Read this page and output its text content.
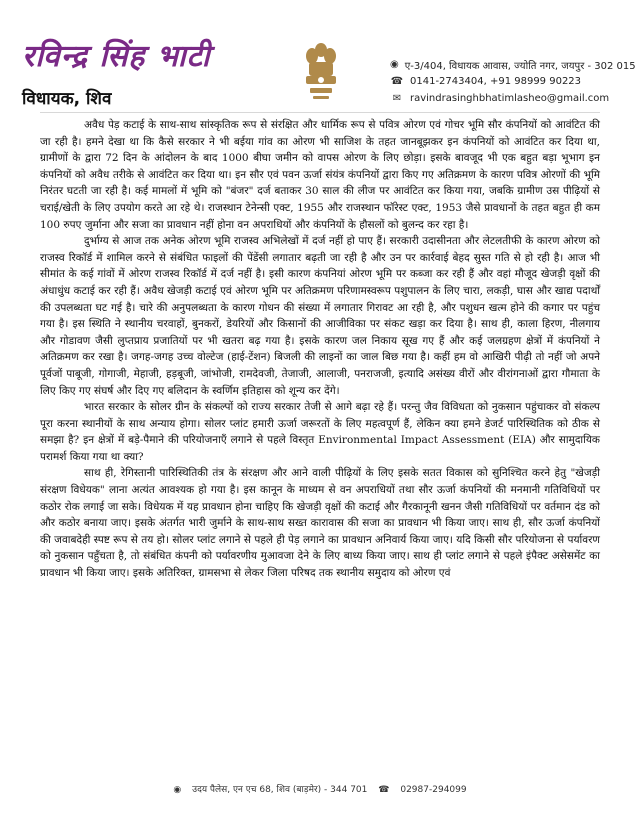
रविन्द्र सिंह भाटी
विधायक, शिव
◉ ए-3/404, विधायक आवास, ज्योति नगर, जयपुर - 302 015
☎ 0141-2743404, +91 98999 90223
✉ ravindrasinghbhatimlasheo@gmail.com

अवैध पेड़ कटाई के साथ-साथ सांस्कृतिक रूप से संरक्षित और धार्मिक रूप से पवित्र ओरण एवं गोचर भूमि सौर कंपनियों को आवंटित की जा रही है। हमने देखा था कि कैसे सरकार ने भी बईया गांव का ओरण भी साजिश के तहत जानबूझकर इन कंपनियों को आवंटित कर दिया था, ग्रामीणों के द्वारा 72 दिन के आंदोलन के बाद 1000 बीघा जमीन को वापस ओरण के लिए छोड़ा। इसके बावजूद भी एक बहुत बड़ा भूभाग इन कंपनियों को अवैध तरीके से आवंटित कर दिया था। इन सौर एवं पवन ऊर्जा संयंत्र कंपनियों द्वारा किए गए अतिक्रमण के कारण पवित्र ओरणों की भूमि निरंतर घटती जा रही है। कई मामलों में भूमि को "बंजर" दर्ज बताकर 30 साल की लीज पर आवंटित कर किया गया, जबकि ग्रामीण उस पीढ़ियों से चराई/खेती के लिए उपयोग करते आ रहे थे। राजस्थान टेनेन्सी एक्ट, 1955 और राजस्थान फॉरेस्ट एक्ट, 1953 जैसे प्रावधानों के तहत बहुत ही कम 100 रुपए जुर्माना और सजा का प्रावधान नहीं होना वन अपराधियों और कंपनियों के हौसलों को बुलन्द कर रहा है।

दुर्भाग्य से आज तक अनेक ओरण भूमि राजस्व अभिलेखों में दर्ज नहीं हो पाए हैं। सरकारी उदासीनता और लेटलतीफी के कारण ओरण को राजस्व रिकॉर्ड में शामिल करने से संबंधित फाइलों की पेंडेंसी लगातार बढ़ती जा रही है और उन पर कार्रवाई बेहद सुस्त गति से हो रही है। आज भी सीमांत के कई गांवों में ओरण राजस्व रिकॉर्ड में दर्ज नहीं है। इसी कारण कंपनियां ओरण भूमि पर कब्जा कर रही हैं और वहां मौजूद खेजड़ी वृक्षों की अंधाधुंध कटाई कर रही हैं। अवैध खेजड़ी कटाई एवं ओरण भूमि पर अतिक्रमण परिणामस्वरूप पशुपालन के लिए चारा, लकड़ी, घास और खाद्य पदार्थों की उपलब्धता घट गई है। चारे की अनुपलब्धता के कारण गोधन की संख्या में लगातार गिरावट आ रही है, और पशुधन खत्म होने की कगार पर पहुंच गया है। इस स्थिति ने स्थानीय चरवाहों, बुनकरों, डेयरियों और किसानों की आजीविका पर संकट खड़ा कर दिया है। साथ ही, काला हिरण, नीलगाय और गोडावण जैसी लुप्तप्राय प्रजातियों पर भी खतरा बढ़ गया है। इसके कारण जल निकाय सूख गए हैं और कई जलग्रहण क्षेत्रों में कंपनियों ने अतिक्रमण कर रखा है। जगह-जगह उच्च वोल्टेज (हाई-टेंशन) बिजली की लाइनों का जाल बिछ गया है। कहीं हम वो आखिरी पीढ़ी तो नहीं जो अपने पूर्वजों पाबूजी, गोगाजी, मेहाजी, हड़बूजी, जांभोजी, रामदेवजी, तेजाजी, आलाजी, पनराजजी, इत्यादि असंख्य वीरों और वीरांगनाओं द्वारा गौमाता के लिए किए गए संघर्ष और दिए गए बलिदान के स्वर्णिम इतिहास को शून्य कर देंगे।

भारत सरकार के सोलर ग्रीन के संकल्पों को राज्य सरकार तेजी से आगे बढ़ा रहे हैं। परन्तु जैव विविधता को नुकसान पहुंचाकर वो संकल्प पूरा करना स्थानीयों के साथ अन्याय होगा। सोलर प्लांट हमारी ऊर्जा जरूरतों के लिए महत्वपूर्ण हैं, लेकिन क्या हमने डेजर्ट पारिस्थितिक को ठीक से समझा है? इन क्षेत्रों में बड़े-पैमाने की परियोजनाएँ लगाने से पहले विस्तृत Environmental Impact Assessment (EIA) और सामुदायिक परामर्श किया गया था क्या?

साथ ही, रेगिस्तानी पारिस्थितिकी तंत्र के संरक्षण और आने वाली पीढ़ियों के लिए इसके सतत विकास को सुनिश्चित करने हेतु "खेजड़ी संरक्षण विधेयक" लाना अत्यंत आवश्यक हो गया है। इस कानून के माध्यम से वन अपराधियों तथा सौर ऊर्जा कंपनियों की मनमानी गतिविधियों पर कठोर रोक लगाई जा सके। विधेयक में यह प्रावधान होना चाहिए कि खेजड़ी वृक्षों की कटाई और गैरकानूनी खनन जैसी गतिविधियों पर वर्तमान दंड को और कठोर बनाया जाए। इसके अंतर्गत भारी जुर्माने के साथ-साथ सख्त कारावास की सजा का प्रावधान भी किया जाए। साथ ही, सौर ऊर्जा कंपनियों की जवाबदेही स्पष्ट रूप से तय हो। सोलर प्लांट लगाने से पहले ही पेड़ लगाने का प्रावधान अनिवार्य किया जाए। यदि किसी सौर परियोजना से पर्यावरण को नुकसान पहुँचता है, तो संबंधित कंपनी को पर्यावरणीय मुआवजा देने के लिए बाध्य किया जाए। साथ ही प्लांट लगाने से पहले इंपैक्ट असेसमेंट का प्रावधान भी किया जाए। इसके अतिरिक्त, ग्रामसभा से लेकर जिला परिषद तक स्थानीय समुदाय को ओरण एवं

◉ उदय पैलेस, एन एच 68, शिव (बाड़मेर) - 344 701 ☎ 02987-294099
